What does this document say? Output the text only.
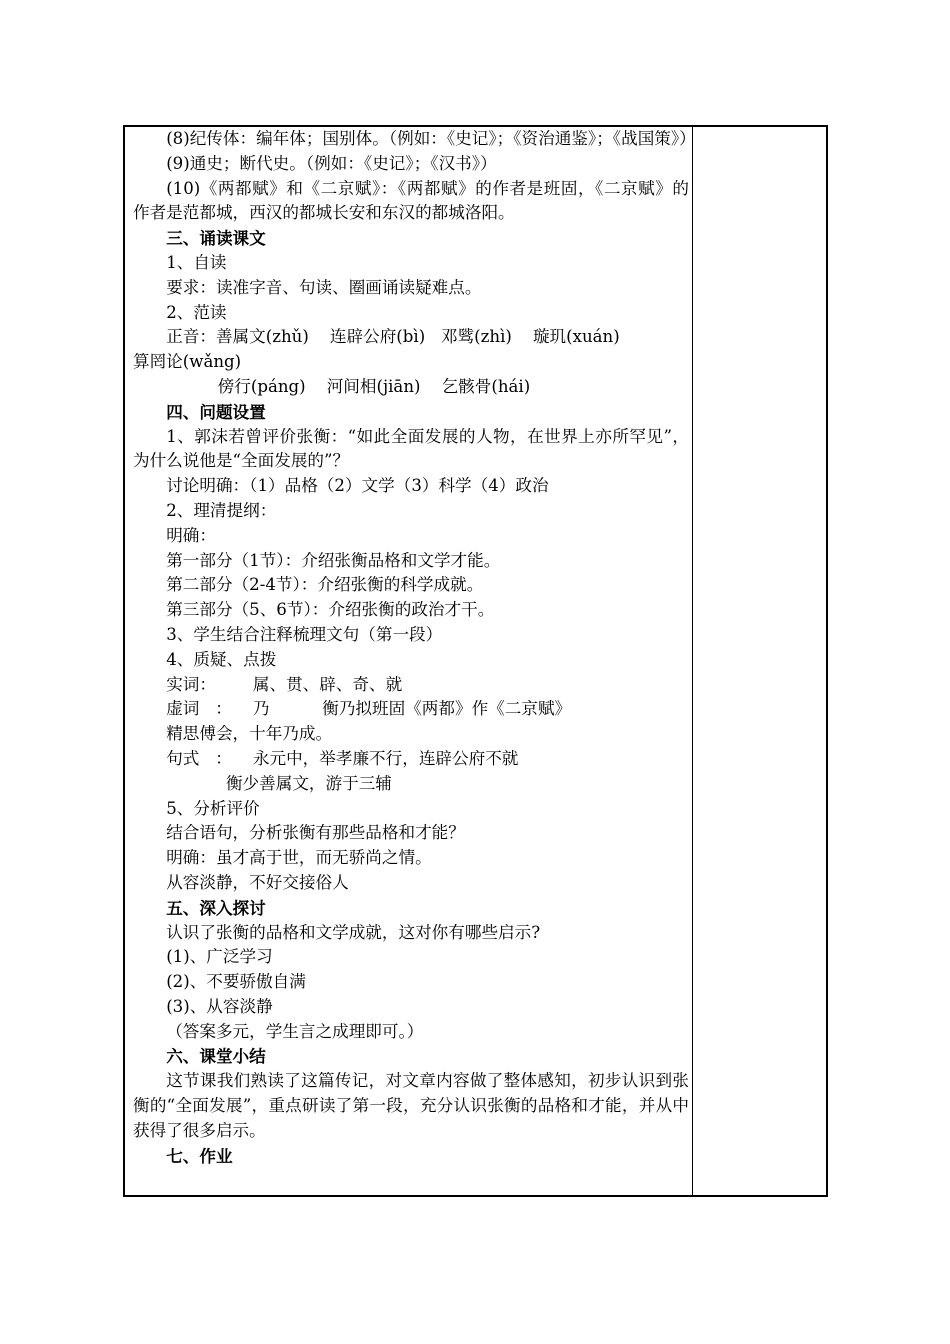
(8)纪传体：编年体；国别体。（例如：《史记》；《资治通鉴》；《战国策》）

(9)通史；断代史。（例如：《史记》；《汉书》）

(10)《两都赋》和《二京赋》：《两都赋》的作者是班固，《二京赋》的作者是范都城，西汉的都城长安和东汉的都城洛阳。

三、诵读课文

1、自读

要求：读准字音、句读、圈画诵读疑难点。

2、范读

正音：善属文(zhǔ)    连辟公府(bì)   邓骘(zhì)    璇玑(xuán)

算罔论(wǎng)

傍行(páng)    河间相(jiān)    乞骸骨(hái)

四、问题设置

1、郭沫若曾评价张衡：“如此全面发展的人物，在世界上亦所罕见”，为什么说他是“全面发展的”？

讨论明确：（1）品格（2）文学（3）科学（4）政治

2、理清提纲：

明确：

第一部分（1节）：介绍张衡品格和文学才能。

第二部分（2-4节）：介绍张衡的科学成就。

第三部分（5、6节）：介绍张衡的政治才干。

3、学生结合注释梳理文句（第一段）

4、质疑、点拨

实词：       属、贯、辟、奇、就

虚词   ：    乃          衡乃拟班固《两都》作《二京赋》

精思傅会，十年乃成。

句式   ：    永元中，举孝廉不行，连辟公府不就

衡少善属文，游于三辅

5、分析评价

结合语句，分析张衡有那些品格和才能？

明确：虽才高于世，而无骄尚之情。

从容淡静，不好交接俗人

五、深入探讨

认识了张衡的品格和文学成就，这对你有哪些启示?

(1)、广泛学习

(2)、不要骄傲自满

(3)、从容淡静

（答案多元，学生言之成理即可。）

六、课堂小结

这节课我们熟读了这篇传记，对文章内容做了整体感知，初步认识到张衡的“全面发展”，重点研读了第一段，充分认识张衡的品格和才能，并从中获得了很多启示。

七、作业
